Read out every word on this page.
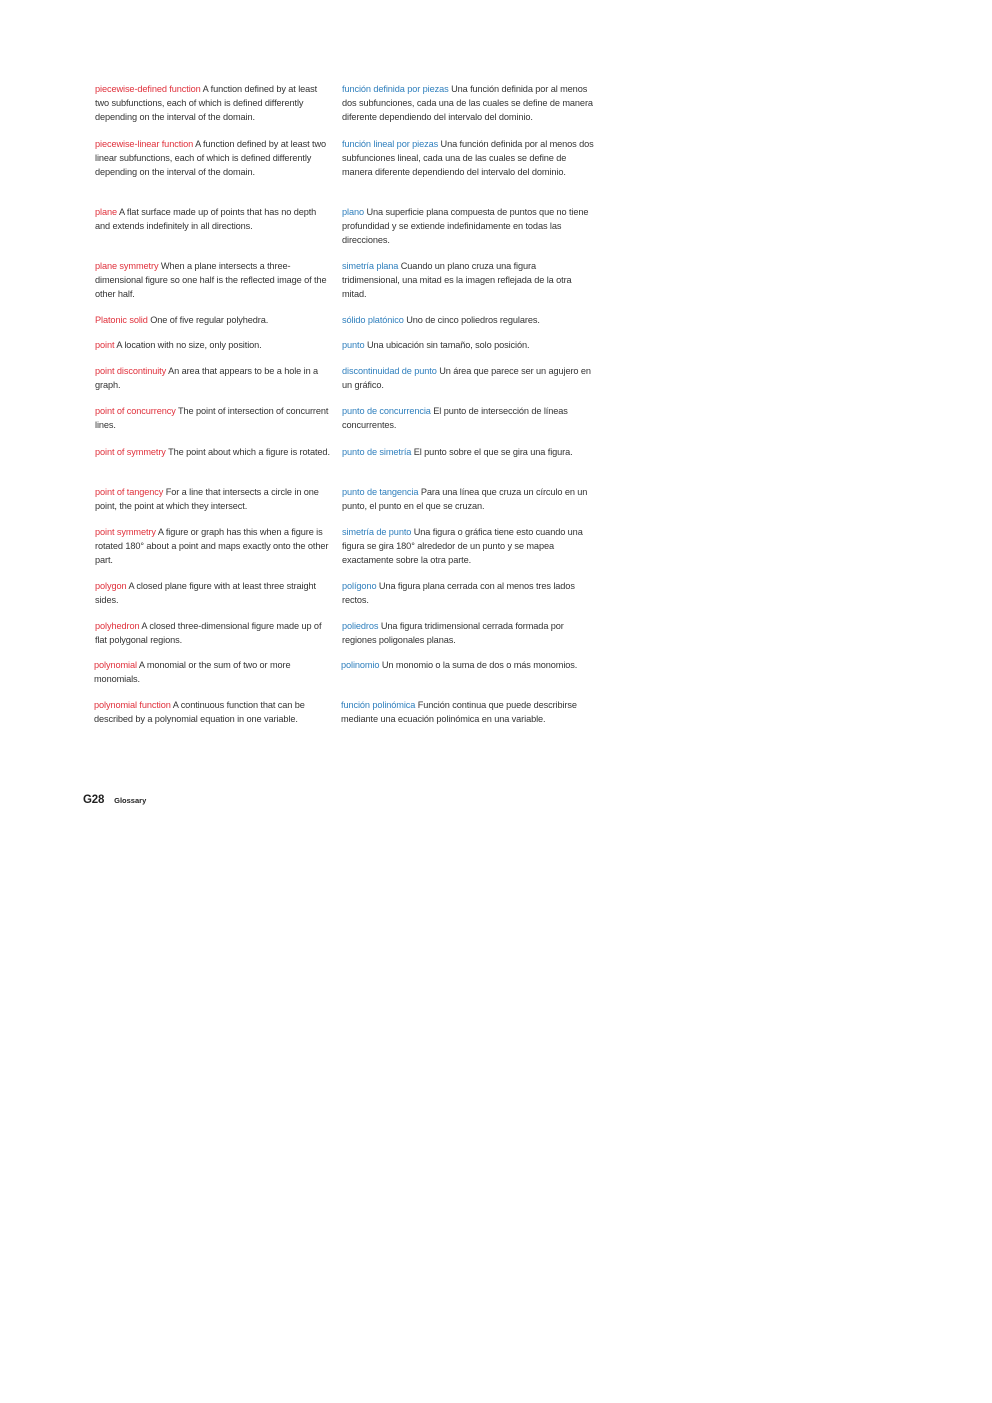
piecewise-defined function A function defined by at least two subfunctions, each of which is defined differently depending on the interval of the domain.
función definida por piezas Una función definida por al menos dos subfunciones, cada una de las cuales se define de manera diferente dependiendo del intervalo del dominio.
piecewise-linear function A function defined by at least two linear subfunctions, each of which is defined differently depending on the interval of the domain.
función lineal por piezas Una función definida por al menos dos subfunciones lineal, cada una de las cuales se define de manera diferente dependiendo del intervalo del dominio.
plane A flat surface made up of points that has no depth and extends indefinitely in all directions.
plano Una superficie plana compuesta de puntos que no tiene profundidad y se extiende indefinidamente en todas las direcciones.
plane symmetry When a plane intersects a three-dimensional figure so one half is the reflected image of the other half.
simetría plana Cuando un plano cruza una figura tridimensional, una mitad es la imagen reflejada de la otra mitad.
Platonic solid One of five regular polyhedra.	sólido platónico Uno de cinco poliedros regulares.
point A location with no size, only position.	punto Una ubicación sin tamaño, solo posición.
point discontinuity An area that appears to be a hole in a graph.
discontinuidad de punto Un área que parece ser un agujero en un gráfico.
point of concurrency The point of intersection of concurrent lines.
punto de concurrencia El punto de intersección de líneas concurrentes.
point of symmetry The point about which a figure is rotated. punto de simetría El punto sobre el que se gira una figura.
point of tangency For a line that intersects a circle in one point, the point at which they intersect.
punto de tangencia Para una línea que cruza un círculo en un punto, el punto en el que se cruzan.
point symmetry A figure or graph has this when a figure is rotated 180° about a point and maps exactly onto the other part.
simetría de punto Una figura o gráfica tiene esto cuando una figura se gira 180° alrededor de un punto y se mapea exactamente sobre la otra parte.
polygon A closed plane figure with at least three straight sides.
polígono Una figura plana cerrada con al menos tres lados rectos.
polyhedron A closed three-dimensional figure made up of flat polygonal regions.
poliedros Una figura tridimensional cerrada formada por regiones poligonales planas.
polynomial A monomial or the sum of two or more monomials.
polinomio Un monomio o la suma de dos o más monomios.
polynomial function A continuous function that can be described by a polynomial equation in one variable.
función polinómica Función continua que puede describirse mediante una ecuación polinómica en una variable.
G28 Glossary
